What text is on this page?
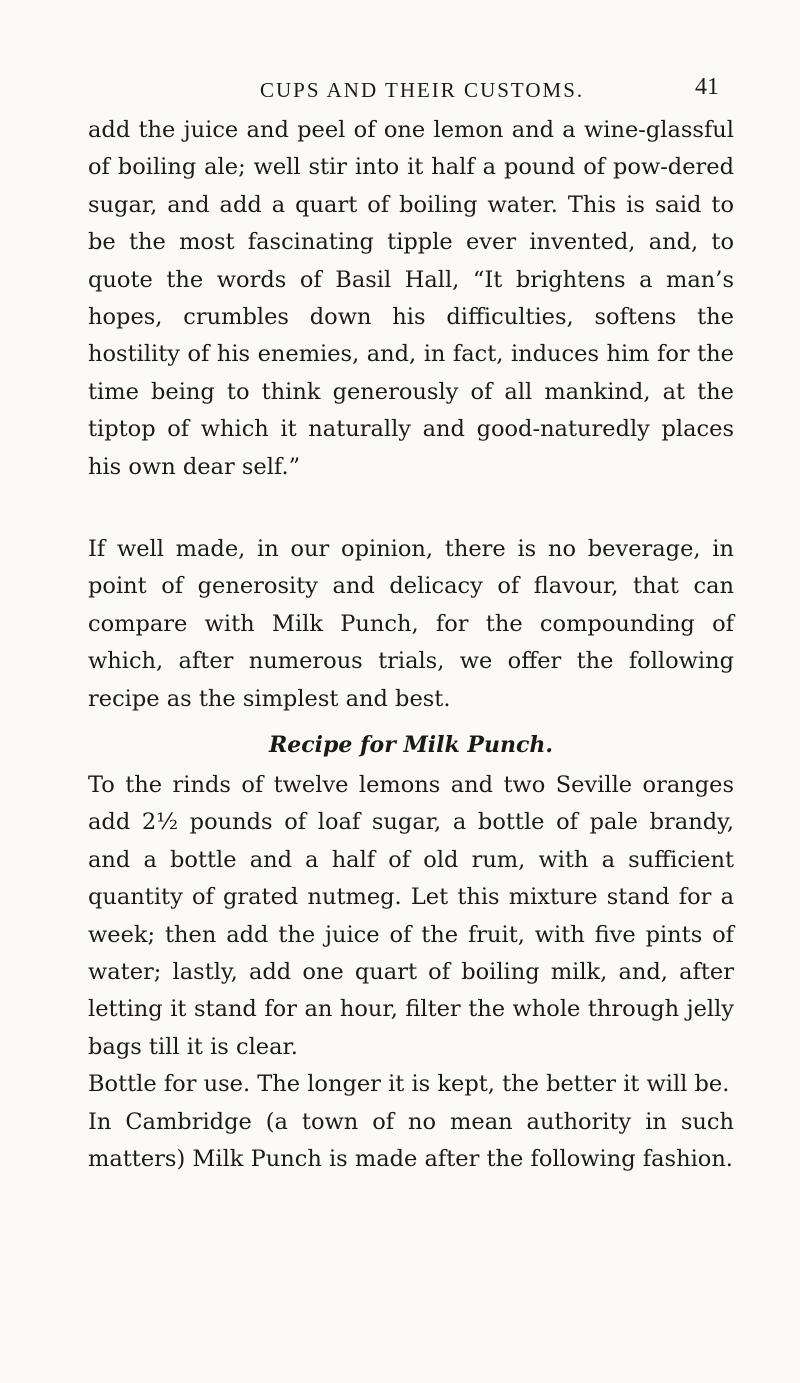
CUPS AND THEIR CUSTOMS.	41

add the juice and peel of one lemon and a wine-glassful of boiling ale; well stir into it half a pound of pow-dered sugar, and add a quart of boiling water. This is said to be the most fascinating tipple ever invented, and, to quote the words of Basil Hall, “It brightens a man’s hopes, crumbles down his difficulties, softens the hostility of his enemies, and, in fact, induces him for the time being to think generously of all mankind, at the tiptop of which it naturally and good-naturedly places his own dear self.”

If well made, in our opinion, there is no beverage, in point of generosity and delicacy of flavour, that can compare with Milk Punch, for the compounding of which, after numerous trials, we offer the following recipe as the simplest and best.

Recipe for Milk Punch.

To the rinds of twelve lemons and two Seville oranges add 2½ pounds of loaf sugar, a bottle of pale brandy, and a bottle and a half of old rum, with a sufficient quantity of grated nutmeg. Let this mixture stand for a week; then add the juice of the fruit, with five pints of water; lastly, add one quart of boiling milk, and, after letting it stand for an hour, filter the whole through jelly bags till it is clear.

Bottle for use. The longer it is kept, the better it will be.

In Cambridge (a town of no mean authority in such matters) Milk Punch is made after the following fashion.
